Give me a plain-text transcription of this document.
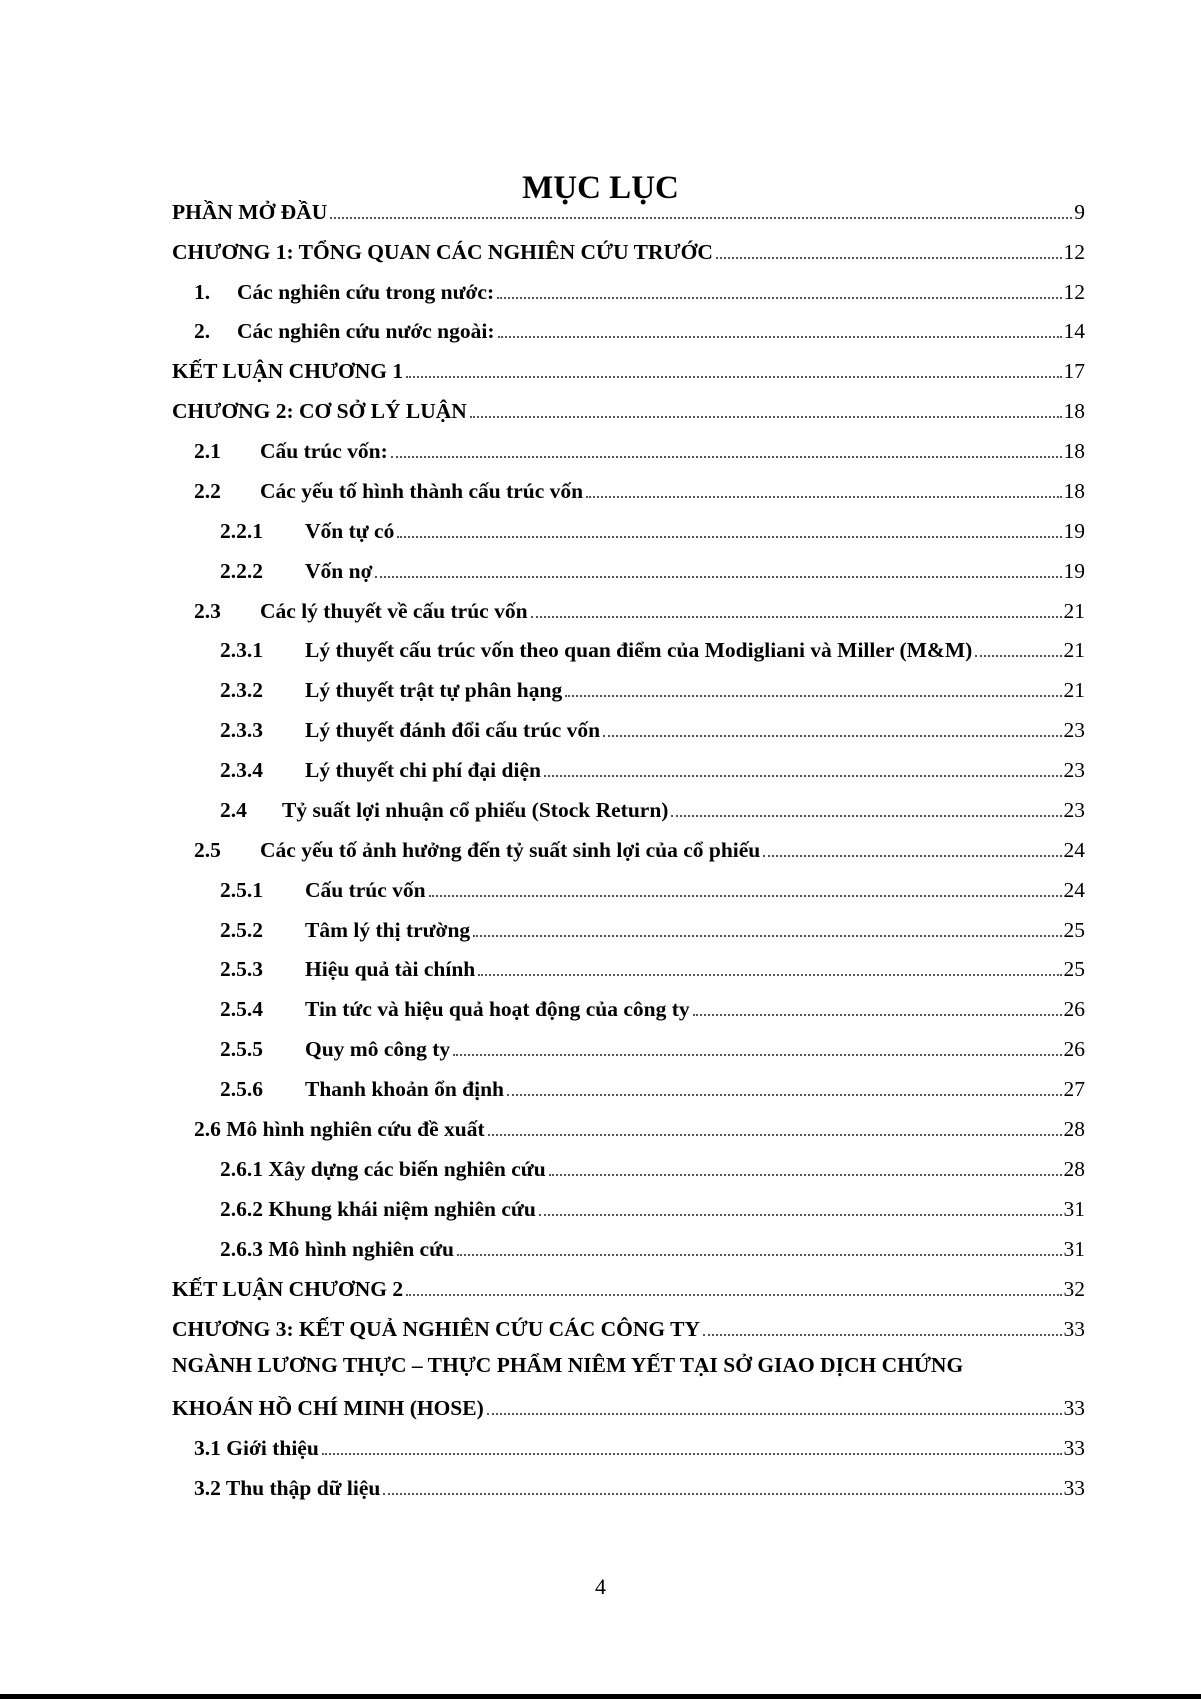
MỤC LỤC
PHẦN MỞ ĐẦU	9
CHƯƠNG 1: TỔNG QUAN CÁC NGHIÊN CỨU TRƯỚC	12
1.	Các nghiên cứu trong nước:	12
2.	Các nghiên cứu nước ngoài:	14
KẾT LUẬN CHƯƠNG 1	17
CHƯƠNG 2: CƠ SỞ LÝ LUẬN	18
2.1	Cấu trúc vốn:	18
2.2	Các yếu tố hình thành cấu trúc vốn	18
2.2.1	Vốn tự có	19
2.2.2	Vốn nợ	19
2.3	Các lý thuyết về cấu trúc vốn	21
2.3.1	Lý thuyết cấu trúc vốn theo quan điểm của Modigliani và Miller (M&M)	21
2.3.2	Lý thuyết trật tự phân hạng	21
2.3.3	Lý thuyết đánh đổi cấu trúc vốn	23
2.3.4	Lý thuyết chi phí đại diện	23
2.4	Tỷ suất lợi nhuận cổ phiếu (Stock Return)	23
2.5	Các yếu tố ảnh hưởng đến tỷ suất sinh lợi của cổ phiếu	24
2.5.1	Cấu trúc vốn	24
2.5.2	Tâm lý thị trường	25
2.5.3	Hiệu quả tài chính	25
2.5.4	Tin tức và hiệu quả hoạt động của công ty	26
2.5.5	Quy mô công ty	26
2.5.6	Thanh khoản ổn định	27
2.6 Mô hình nghiên cứu đề xuất	28
2.6.1 Xây dựng các biến nghiên cứu	28
2.6.2 Khung khái niệm nghiên cứu	31
2.6.3 Mô hình nghiên cứu	31
KẾT LUẬN CHƯƠNG 2	32
CHƯƠNG 3: KẾT QUẢ NGHIÊN CỨU CÁC CÔNG TY	33
NGÀNH LƯƠNG THỰC – THỰC PHẨM NIÊM YẾT TẠI SỞ GIAO DỊCH CHỨNG
KHOÁN HỒ CHÍ MINH (HOSE)	33
3.1 Giới thiệu	33
3.2 Thu thập dữ liệu	33
4
